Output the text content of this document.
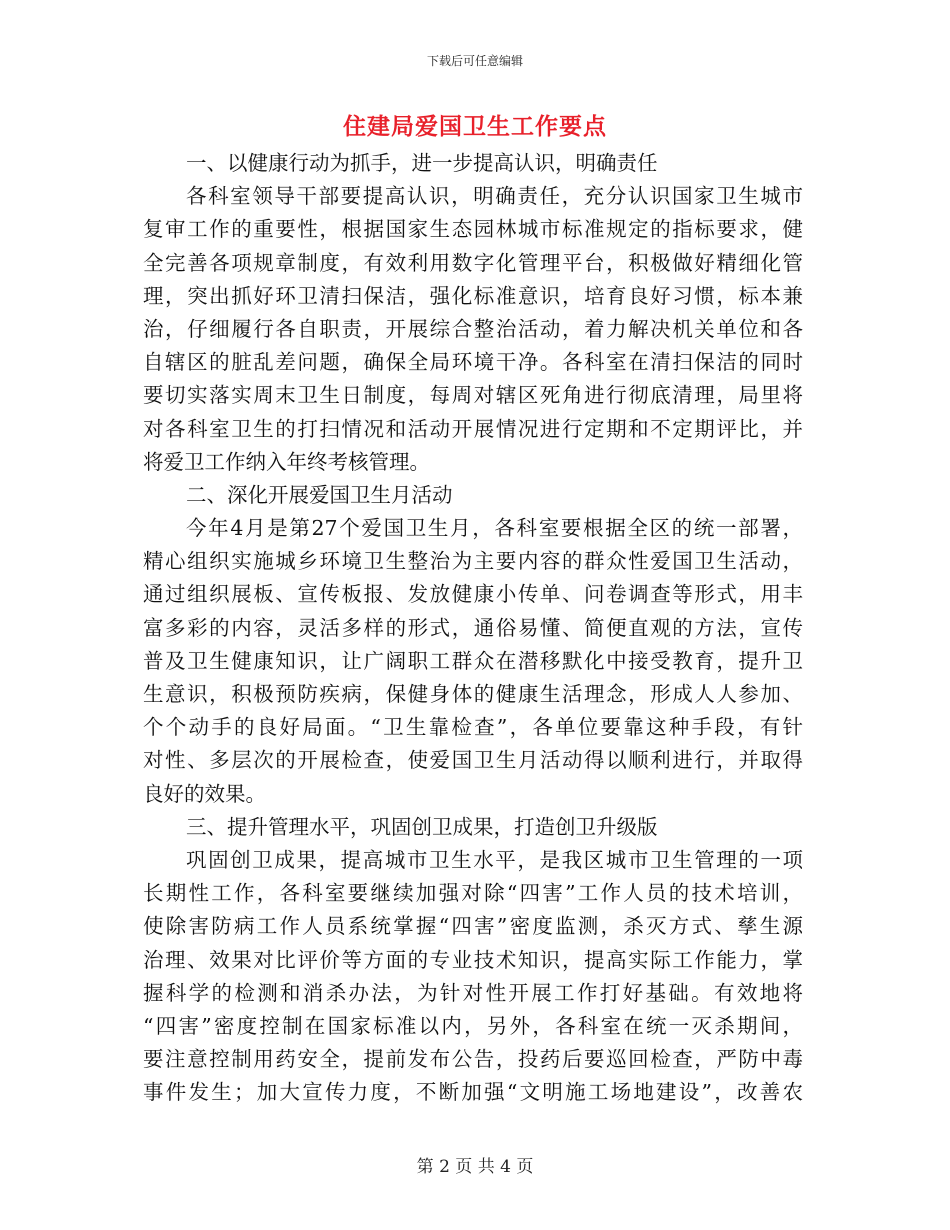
下载后可任意编辑
住建局爱国卫生工作要点
一、以健康行动为抓手，进一步提高认识，明确责任
各科室领导干部要提高认识，明确责任，充分认识国家卫生城市
复审工作的重要性，根据国家生态园林城市标准规定的指标要求，健
全完善各项规章制度，有效利用数字化管理平台，积极做好精细化管
理，突出抓好环卫清扫保洁，强化标准意识，培育良好习惯，标本兼
治，仔细履行各自职责，开展综合整治活动，着力解决机关单位和各
自辖区的脏乱差问题，确保全局环境干净。各科室在清扫保洁的同时
要切实落实周末卫生日制度，每周对辖区死角进行彻底清理，局里将
对各科室卫生的打扫情况和活动开展情况进行定期和不定期评比，并
将爱卫工作纳入年终考核管理。
二、深化开展爱国卫生月活动
今年4月是第27个爱国卫生月，各科室要根据全区的统一部署，
精心组织实施城乡环境卫生整治为主要内容的群众性爱国卫生活动，
通过组织展板、宣传板报、发放健康小传单、问卷调查等形式，用丰
富多彩的内容，灵活多样的形式，通俗易懂、简便直观的方法，宣传
普及卫生健康知识，让广阔职工群众在潜移默化中接受教育，提升卫
生意识，积极预防疾病，保健身体的健康生活理念，形成人人参加、
个个动手的良好局面。“卫生靠检查”，各单位要靠这种手段，有针
对性、多层次的开展检查，使爱国卫生月活动得以顺利进行，并取得
良好的效果。
三、提升管理水平，巩固创卫成果，打造创卫升级版
巩固创卫成果，提高城市卫生水平，是我区城市卫生管理的一项
长期性工作，各科室要继续加强对除“四害”工作人员的技术培训，
使除害防病工作人员系统掌握“四害”密度监测，杀灭方式、孳生源
治理、效果对比评价等方面的专业技术知识，提高实际工作能力，掌
握科学的检测和消杀办法，为针对性开展工作打好基础。有效地将
“四害”密度控制在国家标准以内，另外，各科室在统一灭杀期间，
要注意控制用药安全，提前发布公告，投药后要巡回检查，严防中毒
事件发生；加大宣传力度，不断加强“文明施工场地建设”，改善农
第 2 页 共 4 页
